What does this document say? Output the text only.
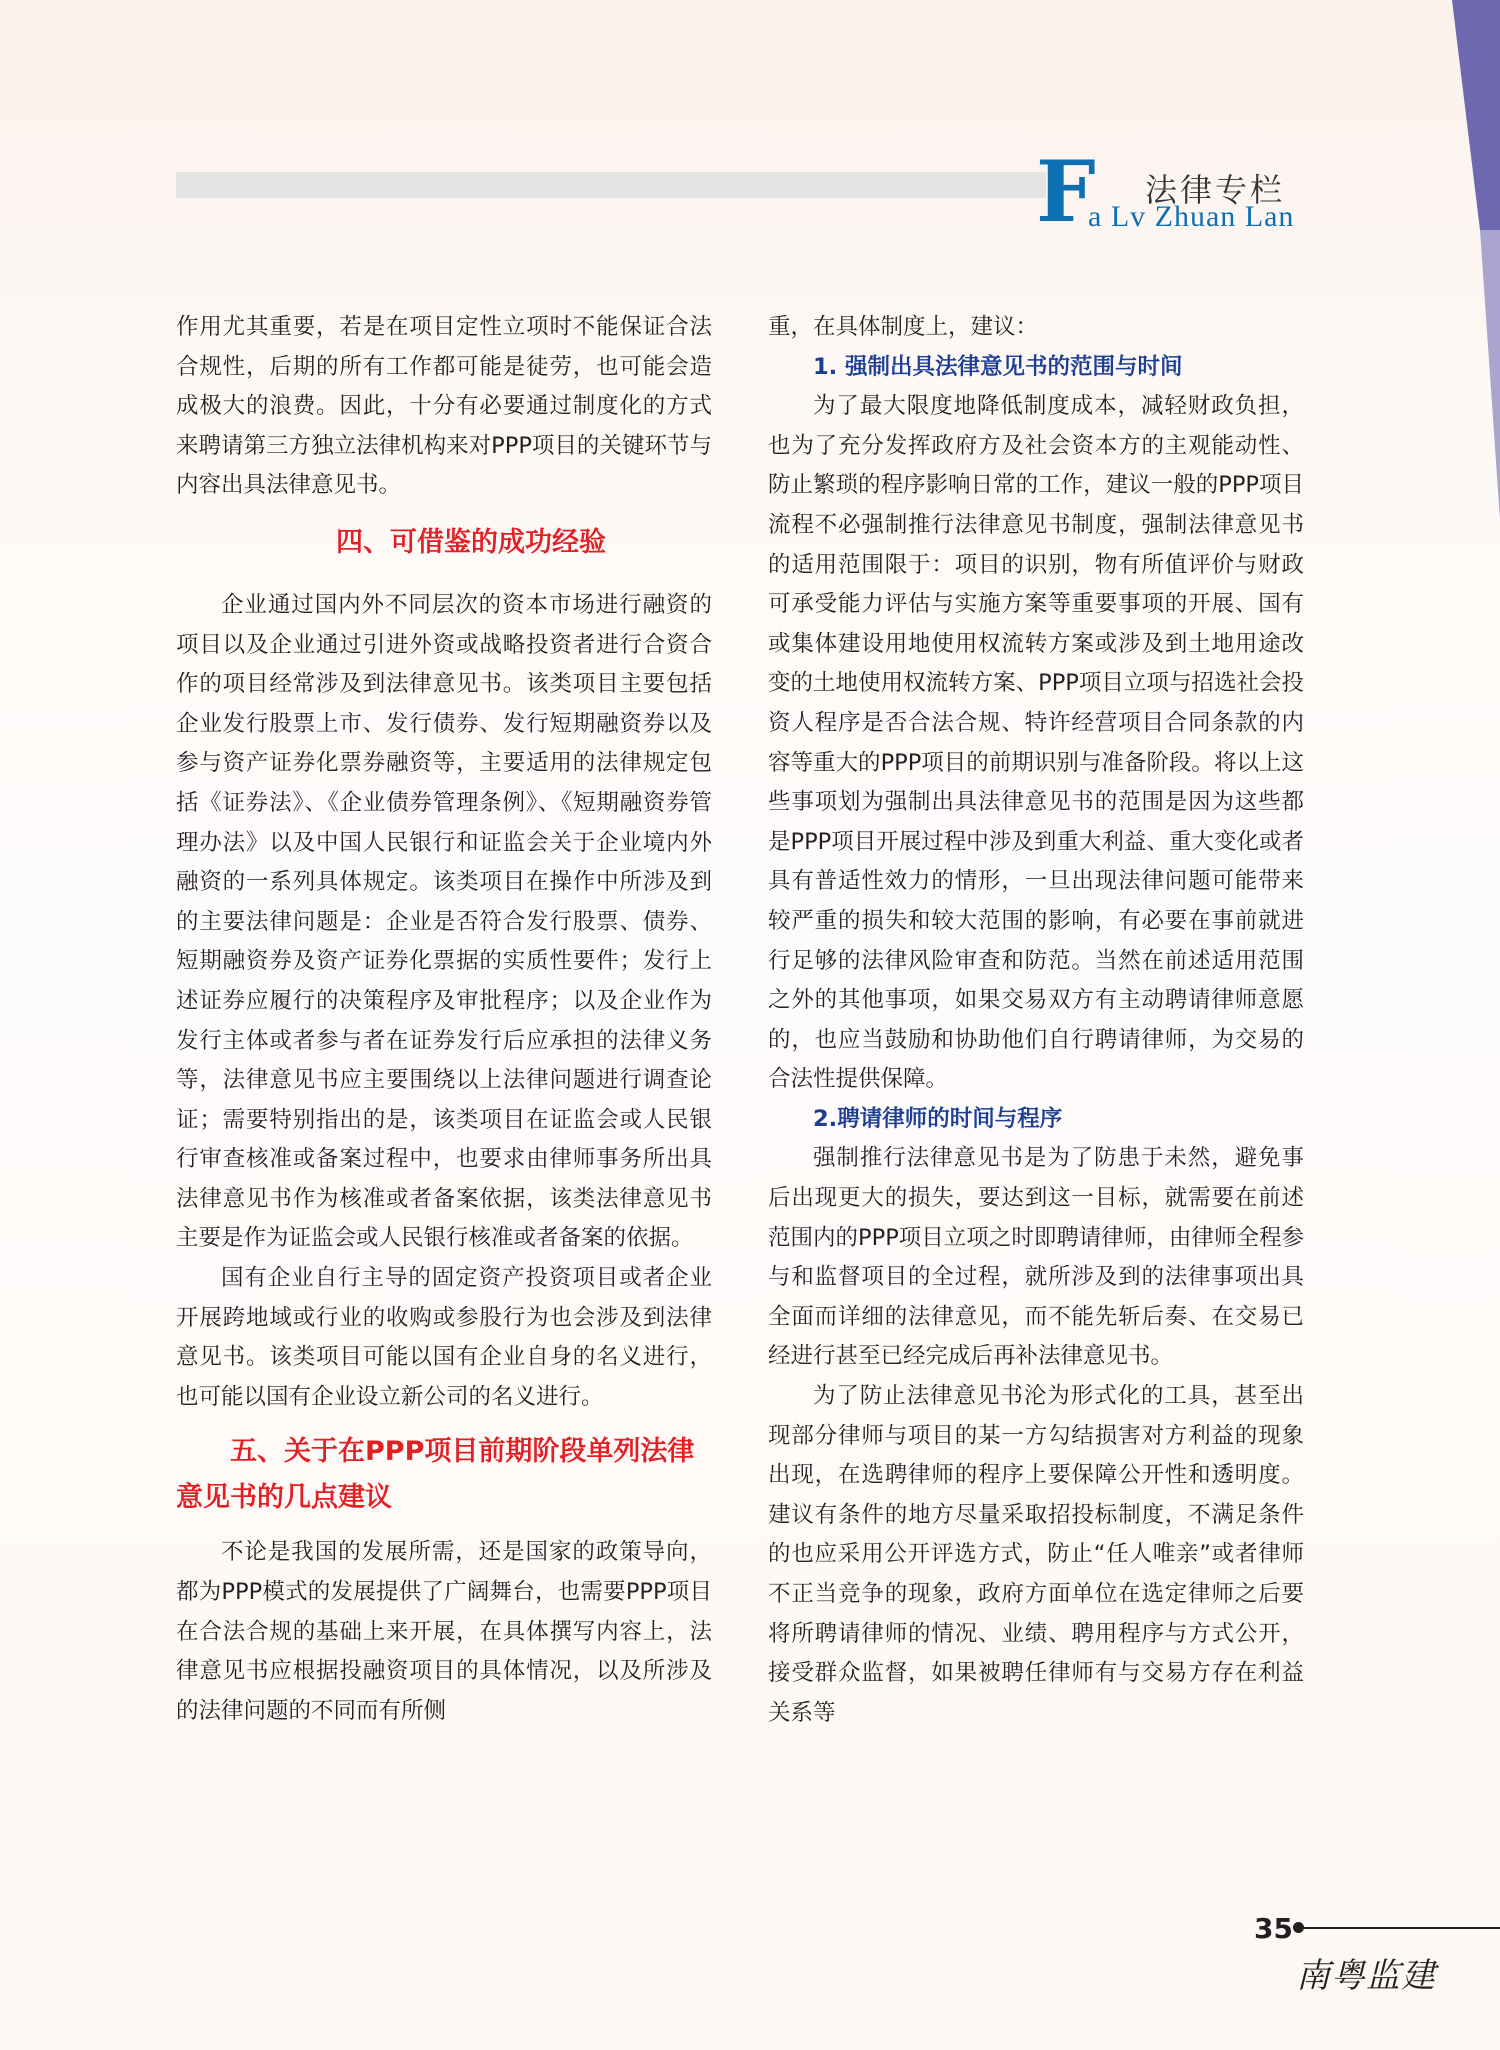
F 法律专栏
a Lv Zhuan Lan

作用尤其重要，若是在项目定性立项时不能保证合法合规性，后期的所有工作都可能是徒劳，也可能会造成极大的浪费。因此，十分有必要通过制度化的方式来聘请第三方独立法律机构来对PPP项目的关键环节与内容出具法律意见书。

四、可借鉴的成功经验

企业通过国内外不同层次的资本市场进行融资的项目以及企业通过引进外资或战略投资者进行合资合作的项目经常涉及到法律意见书。该类项目主要包括企业发行股票上市、发行债券、发行短期融资券以及参与资产证券化票券融资等，主要适用的法律规定包括《证券法》、《企业债券管理条例》、《短期融资券管理办法》以及中国人民银行和证监会关于企业境内外融资的一系列具体规定。该类项目在操作中所涉及到的主要法律问题是：企业是否符合发行股票、债券、短期融资券及资产证券化票据的实质性要件；发行上述证券应履行的决策程序及审批程序；以及企业作为发行主体或者参与者在证券发行后应承担的法律义务等，法律意见书应主要围绕以上法律问题进行调查论证；需要特别指出的是，该类项目在证监会或人民银行审查核准或备案过程中，也要求由律师事务所出具法律意见书作为核准或者备案依据，该类法律意见书主要是作为证监会或人民银行核准或者备案的依据。

国有企业自行主导的固定资产投资项目或者企业开展跨地域或行业的收购或参股行为也会涉及到法律意见书。该类项目可能以国有企业自身的名义进行，也可能以国有企业设立新公司的名义进行。

五、关于在PPP项目前期阶段单列法律意见书的几点建议

不论是我国的发展所需，还是国家的政策导向，都为PPP模式的发展提供了广阔舞台，也需要PPP项目在合法合规的基础上来开展，在具体撰写内容上，法律意见书应根据投融资项目的具体情况，以及所涉及的法律问题的不同而有所侧

重，在具体制度上，建议：

1. 强制出具法律意见书的范围与时间

为了最大限度地降低制度成本，减轻财政负担，也为了充分发挥政府方及社会资本方的主观能动性、防止繁琐的程序影响日常的工作，建议一般的PPP项目流程不必强制推行法律意见书制度，强制法律意见书的适用范围限于：项目的识别，物有所值评价与财政可承受能力评估与实施方案等重要事项的开展、国有或集体建设用地使用权流转方案或涉及到土地用途改变的土地使用权流转方案、PPP项目立项与招选社会投资人程序是否合法合规、特许经营项目合同条款的内容等重大的PPP项目的前期识别与准备阶段。将以上这些事项划为强制出具法律意见书的范围是因为这些都是PPP项目开展过程中涉及到重大利益、重大变化或者具有普适性效力的情形，一旦出现法律问题可能带来较严重的损失和较大范围的影响，有必要在事前就进行足够的法律风险审查和防范。当然在前述适用范围之外的其他事项，如果交易双方有主动聘请律师意愿的，也应当鼓励和协助他们自行聘请律师，为交易的合法性提供保障。

2.聘请律师的时间与程序

强制推行法律意见书是为了防患于未然，避免事后出现更大的损失，要达到这一目标，就需要在前述范围内的PPP项目立项之时即聘请律师，由律师全程参与和监督项目的全过程，就所涉及到的法律事项出具全面而详细的法律意见，而不能先斩后奏、在交易已经进行甚至已经完成后再补法律意见书。

为了防止法律意见书沦为形式化的工具，甚至出现部分律师与项目的某一方勾结损害对方利益的现象出现，在选聘律师的程序上要保障公开性和透明度。建议有条件的地方尽量采取招投标制度，不满足条件的也应采用公开评选方式，防止“任人唯亲”或者律师不正当竞争的现象，政府方面单位在选定律师之后要将所聘请律师的情况、业绩、聘用程序与方式公开，接受群众监督，如果被聘任律师有与交易方存在利益关系等

35
南粤监建
